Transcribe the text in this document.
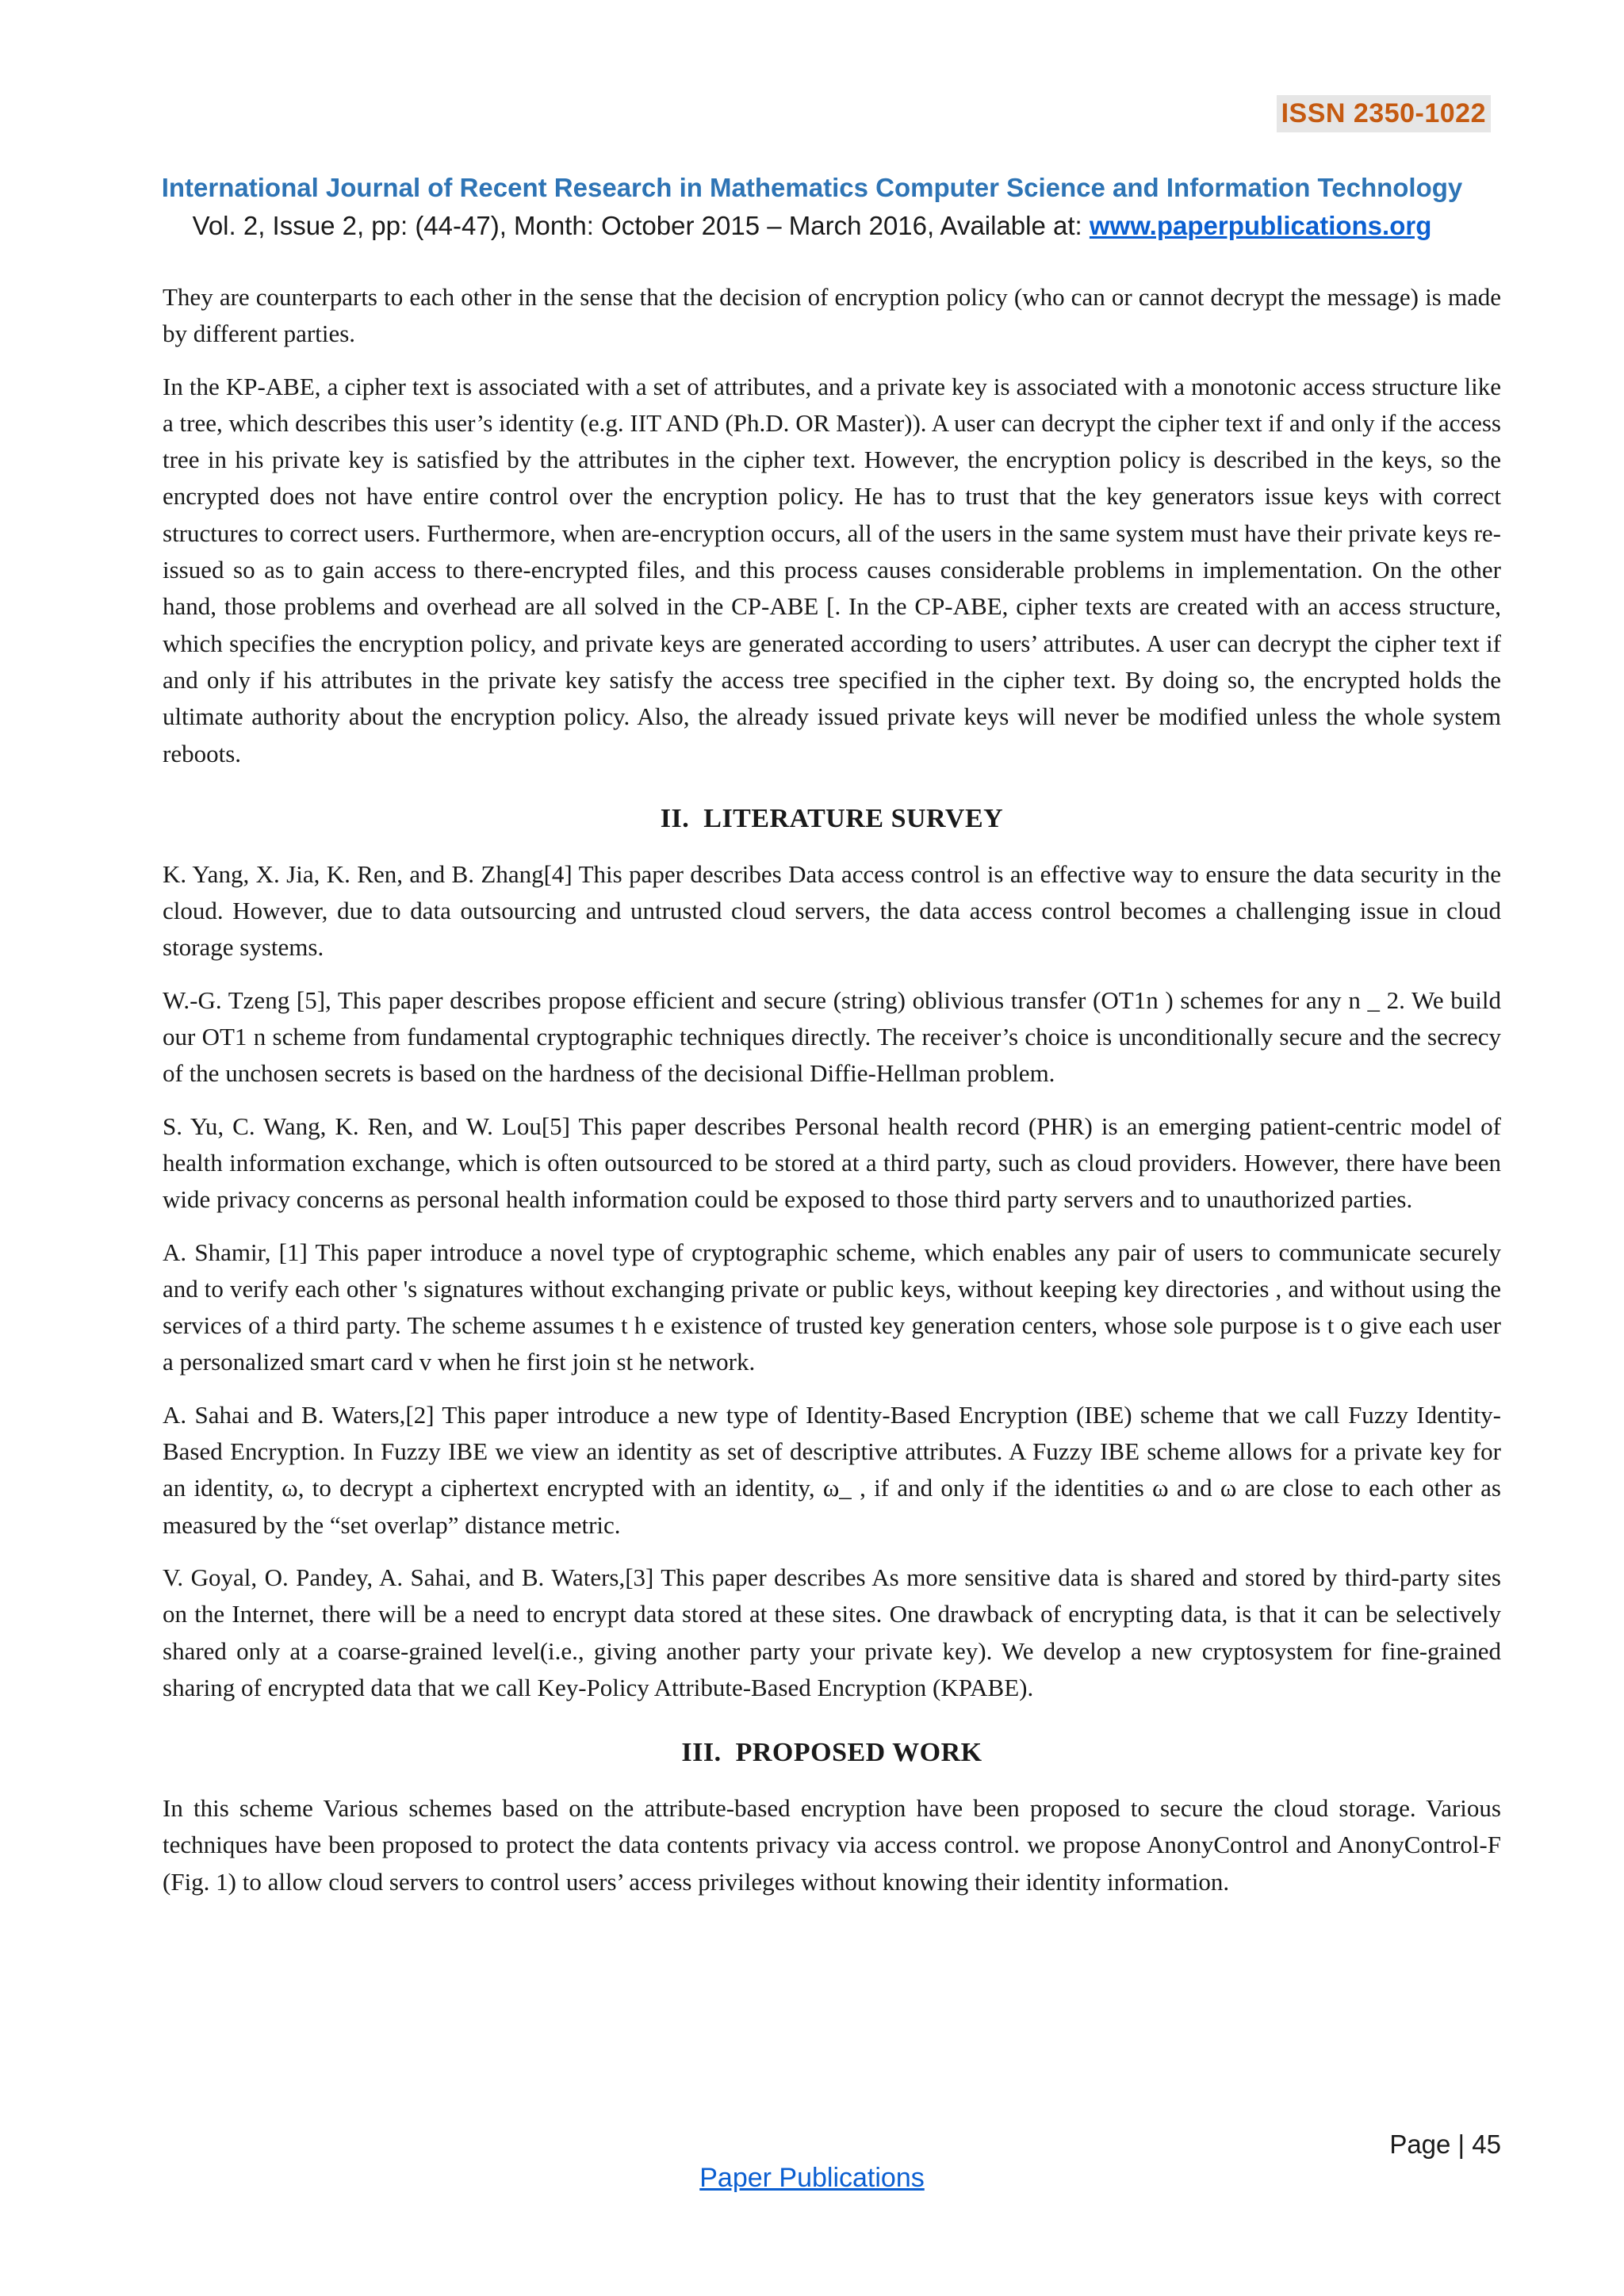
ISSN 2350-1022
International Journal of Recent Research in Mathematics Computer Science and Information Technology
Vol. 2, Issue 2, pp: (44-47), Month: October 2015 – March 2016, Available at: www.paperpublications.org

They are counterparts to each other in the sense that the decision of encryption policy (who can or cannot decrypt the message) is made by different parties.

In the KP-ABE, a cipher text is associated with a set of attributes, and a private key is associated with a monotonic access structure like a tree, which describes this user’s identity (e.g. IIT AND (Ph.D. OR Master)). A user can decrypt the cipher text if and only if the access tree in his private key is satisfied by the attributes in the cipher text. However, the encryption policy is described in the keys, so the encrypted does not have entire control over the encryption policy. He has to trust that the key generators issue keys with correct structures to correct users. Furthermore, when are-encryption occurs, all of the users in the same system must have their private keys re-issued so as to gain access to there-encrypted files, and this process causes considerable problems in implementation. On the other hand, those problems and overhead are all solved in the CP-ABE [. In the CP-ABE, cipher texts are created with an access structure, which specifies the encryption policy, and private keys are generated according to users’ attributes. A user can decrypt the cipher text if and only if his attributes in the private key satisfy the access tree specified in the cipher text. By doing so, the encrypted holds the ultimate authority about the encryption policy. Also, the already issued private keys will never be modified unless the whole system reboots.

II. LITERATURE SURVEY

K. Yang, X. Jia, K. Ren, and B. Zhang[4] This paper describes Data access control is an effective way to ensure the data security in the cloud. However, due to data outsourcing and untrusted cloud servers, the data access control becomes a challenging issue in cloud storage systems.

W.-G. Tzeng [5], This paper describes propose efficient and secure (string) oblivious transfer (OT1n ) schemes for any n _ 2. We build our OT1 n scheme from fundamental cryptographic techniques directly. The receiver’s choice is unconditionally secure and the secrecy of the unchosen secrets is based on the hardness of the decisional Diffie-Hellman problem.

S. Yu, C. Wang, K. Ren, and W. Lou[5] This paper describes Personal health record (PHR) is an emerging patient-centric model of health information exchange, which is often outsourced to be stored at a third party, such as cloud providers. However, there have been wide privacy concerns as personal health information could be exposed to those third party servers and to unauthorized parties.

A. Shamir, [1] This paper introduce a novel type of cryptographic scheme, which enables any pair of users to communicate securely and to verify each other 's signatures without exchanging private or public keys, without keeping key directories , and without using the services of a third party. The scheme assumes t h e existence of trusted key generation centers, whose sole purpose is t o give each user a personalized smart card v when he first join st he network.

A. Sahai and B. Waters,[2] This paper introduce a new type of Identity-Based Encryption (IBE) scheme that we call Fuzzy Identity-Based Encryption. In Fuzzy IBE we view an identity as set of descriptive attributes. A Fuzzy IBE scheme allows for a private key for an identity, ω, to decrypt a ciphertext encrypted with an identity, ω_ , if and only if the identities ω and ω are close to each other as measured by the “set overlap” distance metric.

V. Goyal, O. Pandey, A. Sahai, and B. Waters,[3] This paper describes As more sensitive data is shared and stored by third-party sites on the Internet, there will be a need to encrypt data stored at these sites. One drawback of encrypting data, is that it can be selectively shared only at a coarse-grained level(i.e., giving another party your private key). We develop a new cryptosystem for fine-grained sharing of encrypted data that we call Key-Policy Attribute-Based Encryption (KPABE).

III. PROPOSED WORK

In this scheme Various schemes based on the attribute-based encryption have been proposed to secure the cloud storage. Various techniques have been proposed to protect the data contents privacy via access control. we propose AnonyControl and AnonyControl-F (Fig. 1) to allow cloud servers to control users’ access privileges without knowing their identity information.

Page | 45
Paper Publications
